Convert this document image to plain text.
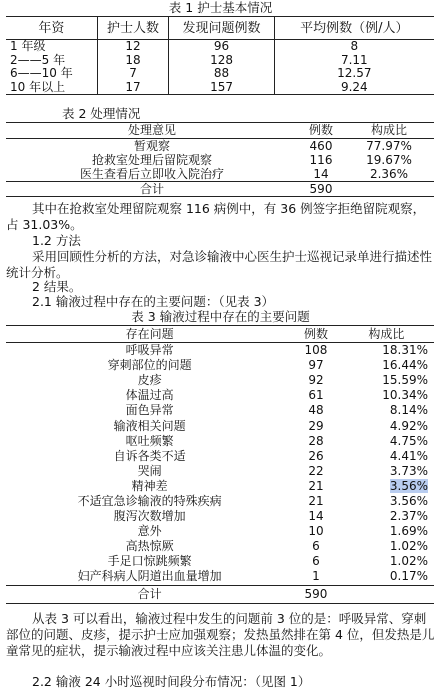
表 1 护士基本情况
年资	护士人数	发现问题例数	平均例数（例/人）
1 年级	12	96	8
2——5 年	18	128	7.11
6——10 年	7	88	12.57
10 年以上	17	157	9.24
表 2 处理情况
处理意见	例数	构成比
暂观察	460	77.97%
抢救室处理后留院观察	116	19.67%
医生查看后立即收入院治疗	14	2.36%
合计	590	
其中在抢救室处理留院观察 116 病例中，有 36 例签字拒绝留院观察，占 31.03%。
1.2 方法
采用回顾性分析的方法，对急诊输液中心医生护士巡视记录单进行描述性统计分析。
2 结果。
2.1 输液过程中存在的主要问题：（见表 3）
表 3 输液过程中存在的主要问题
存在问题	例数	构成比
呼吸异常	108	18.31%
穿刺部位的问题	97	16.44%
皮疹	92	15.59%
体温过高	61	10.34%
面色异常	48	8.14%
输液相关问题	29	4.92%
呕吐频繁	28	4.75%
自诉各类不适	26	4.41%
哭闹	22	3.73%
精神差	21	3.56%
不适宜急诊输液的特殊疾病	21	3.56%
腹泻次数增加	14	2.37%
意外	10	1.69%
高热惊厥	6	1.02%
手足口惊跳频繁	6	1.02%
妇产科病人阴道出血量增加	1	0.17%
合计	590	
从表 3 可以看出，输液过程中发生的问题前 3 位的是：呼吸异常、穿刺部位的问题、皮疹，提示护士应加强观察；发热虽然排在第 4 位，但发热是儿童常见的症状，提示输液过程中应该关注患儿体温的变化。
2.2 输液 24 小时巡视时间段分布情况：（见图 1）
